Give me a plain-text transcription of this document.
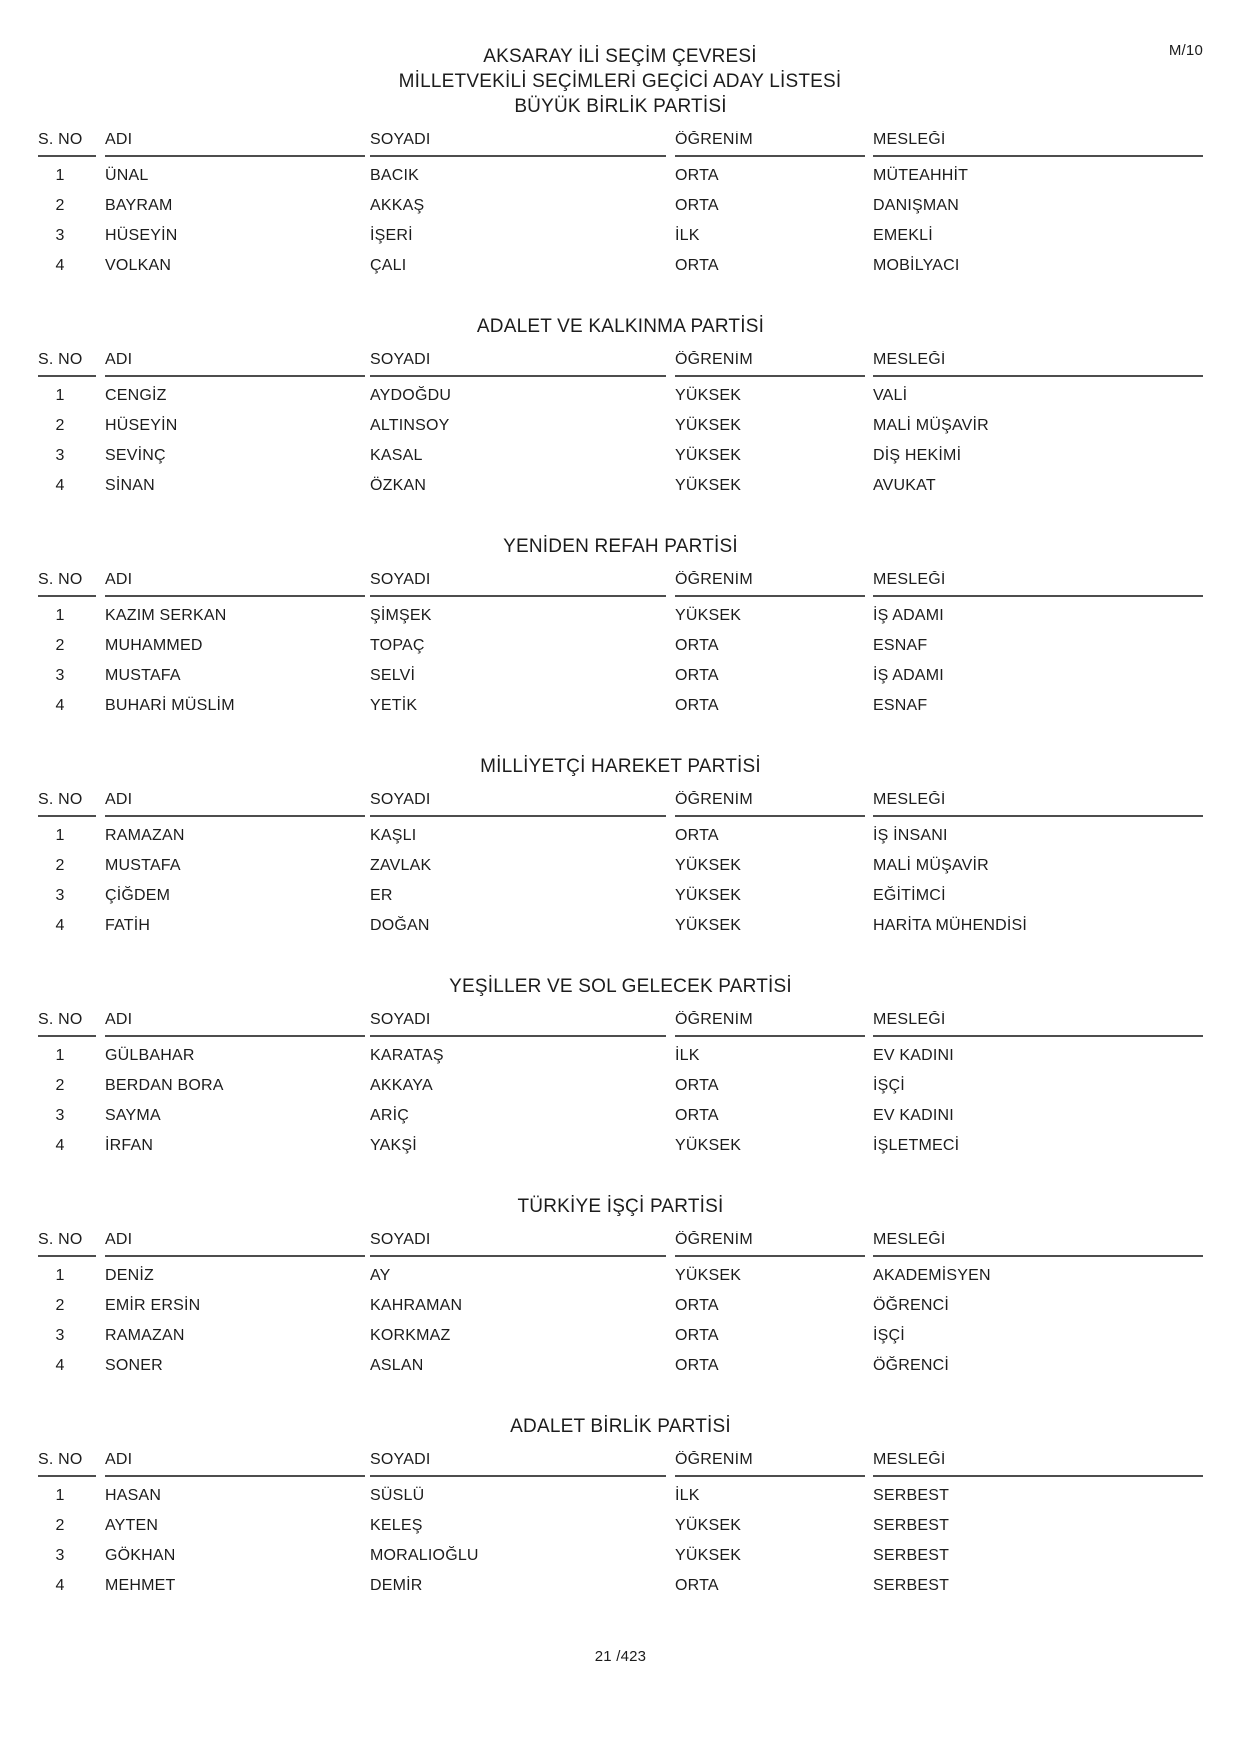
M/10
AKSARAY İLİ SEÇİM ÇEVRESİ
MİLLETVEKİLİ SEÇİMLERİ GEÇİCİ ADAY LİSTESİ
BÜYÜK BİRLİK PARTİSİ
S. NO	ADI	SOYADI	ÖĞRENİM	MESLEĞİ
1	ÜNAL	BACIK	ORTA	MÜTEAHHİT
2	BAYRAM	AKKAŞ	ORTA	DANIŞMAN
3	HÜSEYİN	İŞERİ	İLK	EMEKLİ
4	VOLKAN	ÇALI	ORTA	MOBİLYACI
ADALET VE KALKINMA PARTİSİ
S. NO	ADI	SOYADI	ÖĞRENİM	MESLEĞİ
1	CENGİZ	AYDOĞDU	YÜKSEK	VALİ
2	HÜSEYİN	ALTINSOY	YÜKSEK	MALİ MÜŞAVİR
3	SEVİNÇ	KASAL	YÜKSEK	DİŞ HEKİMİ
4	SİNAN	ÖZKAN	YÜKSEK	AVUKAT
YENİDEN REFAH PARTİSİ
S. NO	ADI	SOYADI	ÖĞRENİM	MESLEĞİ
1	KAZIM SERKAN	ŞİMŞEK	YÜKSEK	İŞ ADAMI
2	MUHAMMED	TOPAÇ	ORTA	ESNAF
3	MUSTAFA	SELVİ	ORTA	İŞ ADAMI
4	BUHARİ MÜSLİM	YETİK	ORTA	ESNAF
MİLLİYETÇİ HAREKET PARTİSİ
S. NO	ADI	SOYADI	ÖĞRENİM	MESLEĞİ
1	RAMAZAN	KAŞLI	ORTA	İŞ İNSANI
2	MUSTAFA	ZAVLAK	YÜKSEK	MALİ MÜŞAVİR
3	ÇİĞDEM	ER	YÜKSEK	EĞİTİMCİ
4	FATİH	DOĞAN	YÜKSEK	HARİTA MÜHENDİSİ
YEŞİLLER VE SOL GELECEK PARTİSİ
S. NO	ADI	SOYADI	ÖĞRENİM	MESLEĞİ
1	GÜLBAHAR	KARATAŞ	İLK	EV KADINI
2	BERDAN BORA	AKKAYA	ORTA	İŞÇİ
3	SAYMA	ARİÇ	ORTA	EV KADINI
4	İRFAN	YAKŞİ	YÜKSEK	İŞLETMECİ
TÜRKİYE İŞÇİ PARTİSİ
S. NO	ADI	SOYADI	ÖĞRENİM	MESLEĞİ
1	DENİZ	AY	YÜKSEK	AKADEMİSYEN
2	EMİR ERSİN	KAHRAMAN	ORTA	ÖĞRENCİ
3	RAMAZAN	KORKMAZ	ORTA	İŞÇİ
4	SONER	ASLAN	ORTA	ÖĞRENCİ
ADALET BİRLİK PARTİSİ
S. NO	ADI	SOYADI	ÖĞRENİM	MESLEĞİ
1	HASAN	SÜSLÜ	İLK	SERBEST
2	AYTEN	KELEŞ	YÜKSEK	SERBEST
3	GÖKHAN	MORALIOĞLU	YÜKSEK	SERBEST
4	MEHMET	DEMİR	ORTA	SERBEST
21 /423
